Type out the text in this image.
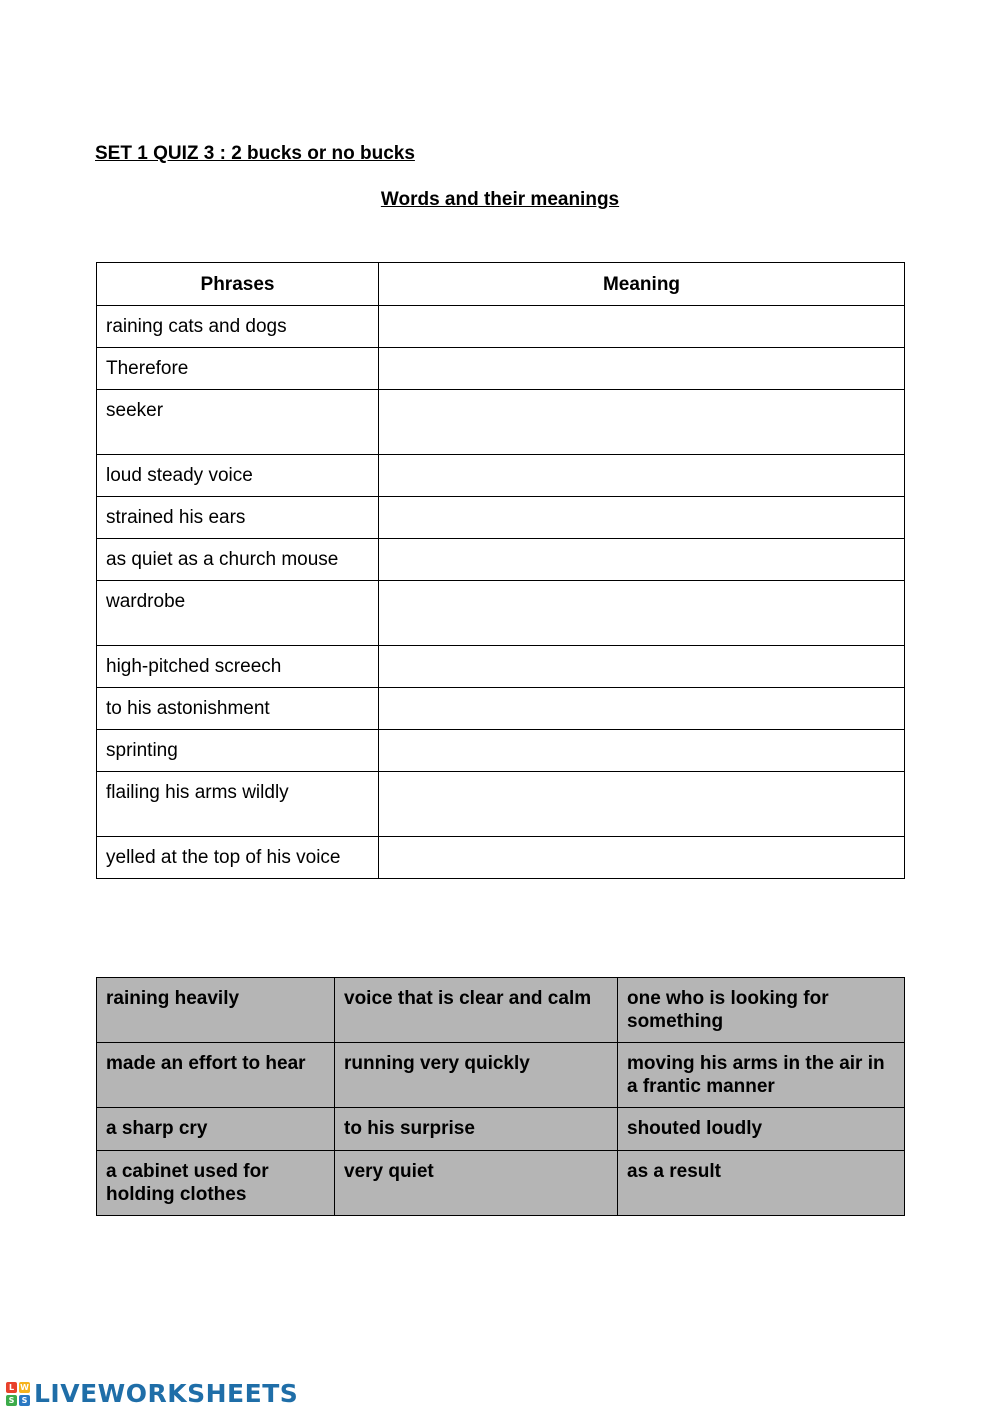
SET 1 QUIZ 3 : 2 bucks or no bucks
Words and their meanings
Phrases	Meaning
raining cats and dogs	
Therefore	
seeker	
loud steady voice	
strained his ears	
as quiet as a church mouse	
wardrobe	
high-pitched screech	
to his astonishment	
sprinting	
flailing his arms wildly	
yelled at the top of his voice	
raining heavily	voice that is clear and calm	one who is looking for something
made an effort to hear	running very quickly	moving his arms in the air in a frantic manner
a sharp cry	to his surprise	shouted loudly
a cabinet used for holding clothes	very quiet	as a result
L W
S S LIVEWORKSHEETS
